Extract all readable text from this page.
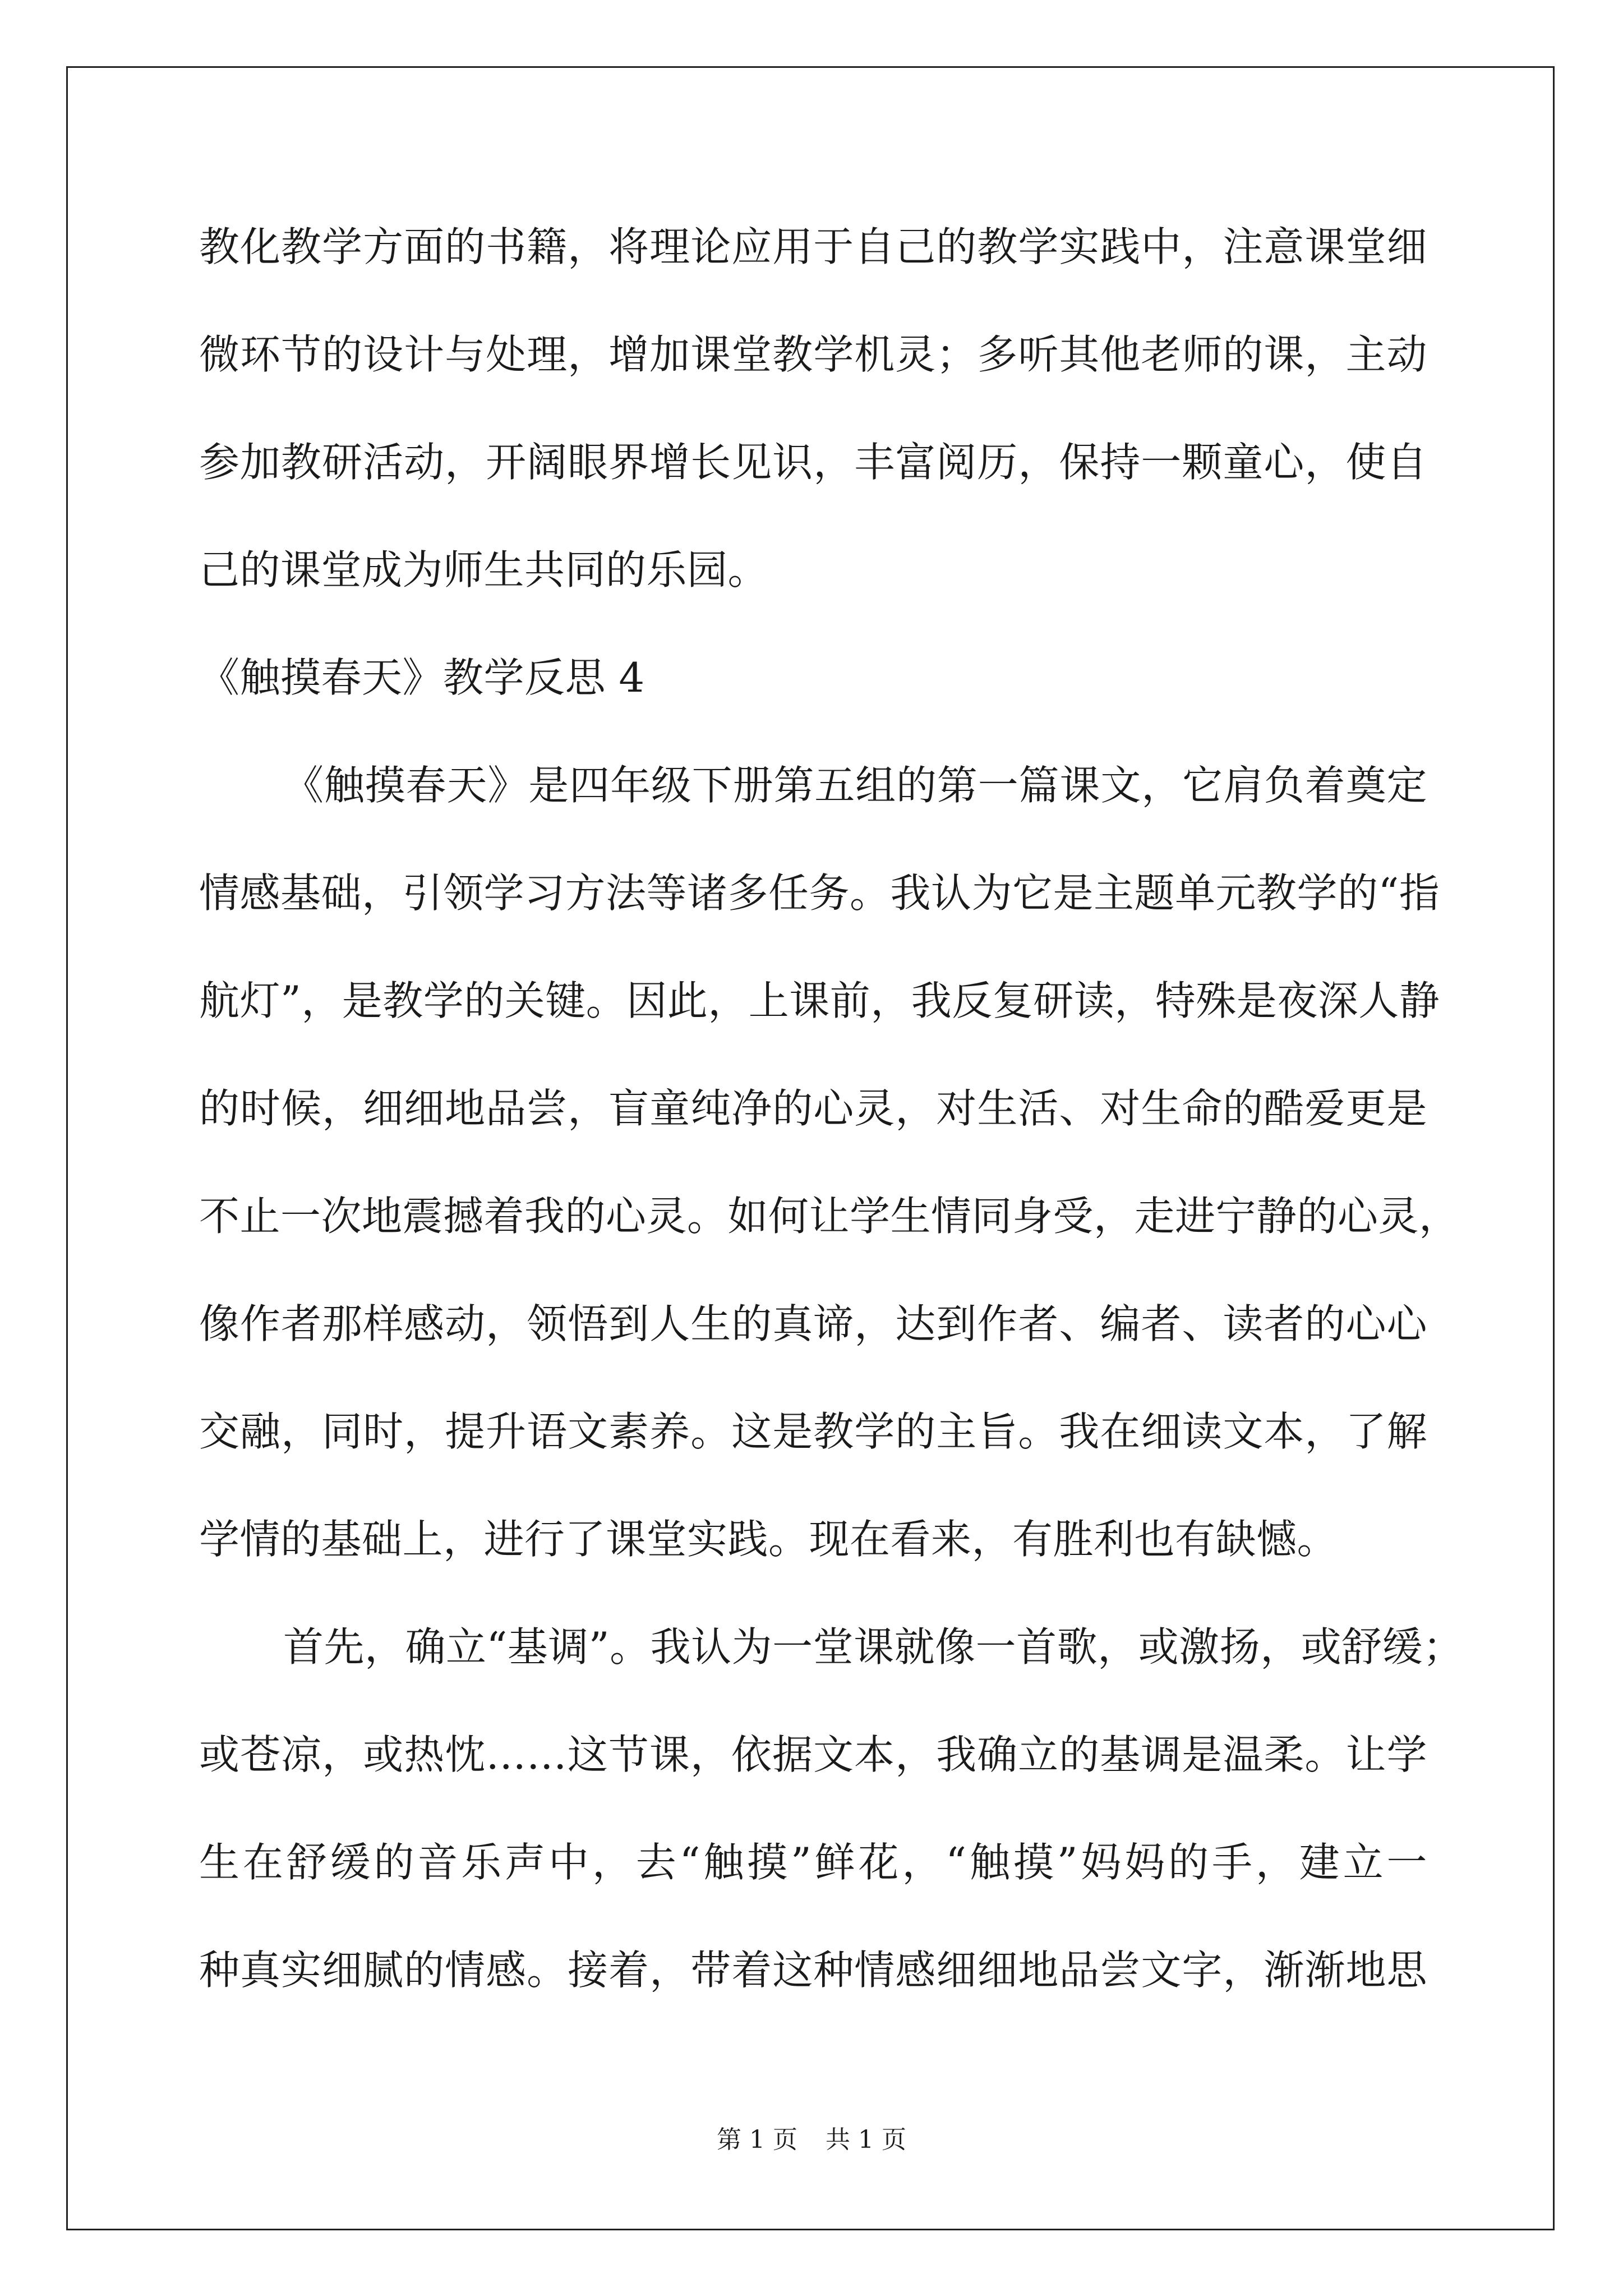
教化教学方面的书籍，将理论应用于自己的教学实践中，注意课堂细
微环节的设计与处理，增加课堂教学机灵；多听其他老师的课，主动
参加教研活动，开阔眼界增长见识，丰富阅历，保持一颗童心，使自
己的课堂成为师生共同的乐园。
《触摸春天》教学反思 4
《触摸春天》是四年级下册第五组的第一篇课文，它肩负着奠定
情感基础，引领学习方法等诸多任务。我认为它是主题单元教学的“指
航灯”，是教学的关键。因此，上课前，我反复研读，特殊是夜深人静
的时候，细细地品尝，盲童纯净的心灵，对生活、对生命的酷爱更是
不止一次地震撼着我的心灵。如何让学生情同身受，走进宁静的心灵，
像作者那样感动，领悟到人生的真谛，达到作者、编者、读者的心心
交融，同时，提升语文素养。这是教学的主旨。我在细读文本，了解
学情的基础上，进行了课堂实践。现在看来，有胜利也有缺憾。
首先，确立“基调”。我认为一堂课就像一首歌，或激扬，或舒缓；
或苍凉，或热忱……这节课，依据文本，我确立的基调是温柔。让学
生在舒缓的音乐声中，去“触摸”鲜花，“触摸”妈妈的手，建立一
种真实细腻的情感。接着，带着这种情感细细地品尝文字，渐渐地思
第 1 页 共 1 页
